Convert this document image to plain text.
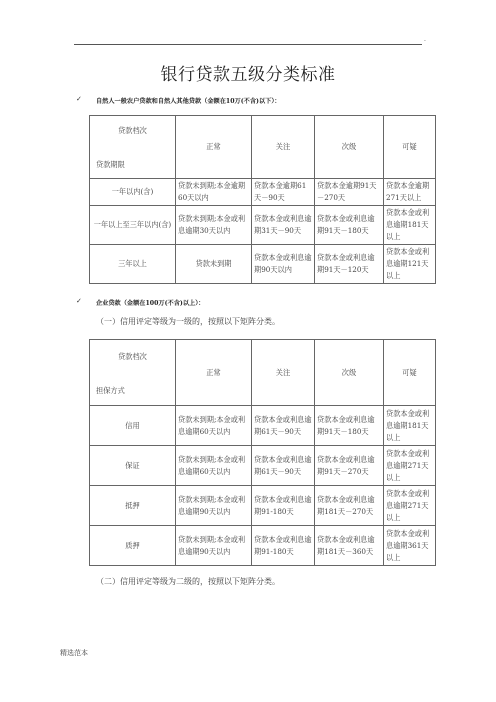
.
银行贷款五级分类标准
✓ 自然人一般农户贷款和自然人其他贷款（金额在10万(不含)以下）：
贷款档次
贷款期限	正常	关注	次级	可疑
一年以内(含)	贷款未到期;本金逾期60天以内	贷款本金逾期61天－90天	贷款本金逾期91天－270天	贷款本金逾期271天以上
一年以上至三年以内(含)	贷款未到期;本金或利息逾期30天以内	贷款本金或利息逾期31天－90天	贷款本金或利息逾期91天－180天	贷款本金或利息逾期181天以上
三年以上	贷款未到期	贷款本金或利息逾期90天以内	贷款本金或利息逾期91天－120天	贷款本金或利息逾期121天以上
✓ 企业贷款（金额在100万(不含)以上）：
（一）信用评定等级为一级的，按照以下矩阵分类。
贷款档次
担保方式	正常	关注	次级	可疑
信用	贷款未到期;本金或利息逾期60天以内	贷款本金或利息逾期61天－90天	贷款本金或利息逾期91天－180天	贷款本金或利息逾期181天以上
保证	贷款未到期;本金或利息逾期60天以内	贷款本金或利息逾期61天－90天	贷款本金或利息逾期91天－270天	贷款本金或利息逾期271天以上
抵押	贷款未到期;本金或利息逾期90天以内	贷款本金或利息逾期91-180天	贷款本金或利息逾期181天－270天	贷款本金或利息逾期271天以上
质押	贷款未到期;本金或利息逾期90天以内	贷款本金或利息逾期91-180天	贷款本金或利息逾期181天－360天	贷款本金或利息逾期361天以上
（二）信用评定等级为二级的，按照以下矩阵分类。
精选范本
